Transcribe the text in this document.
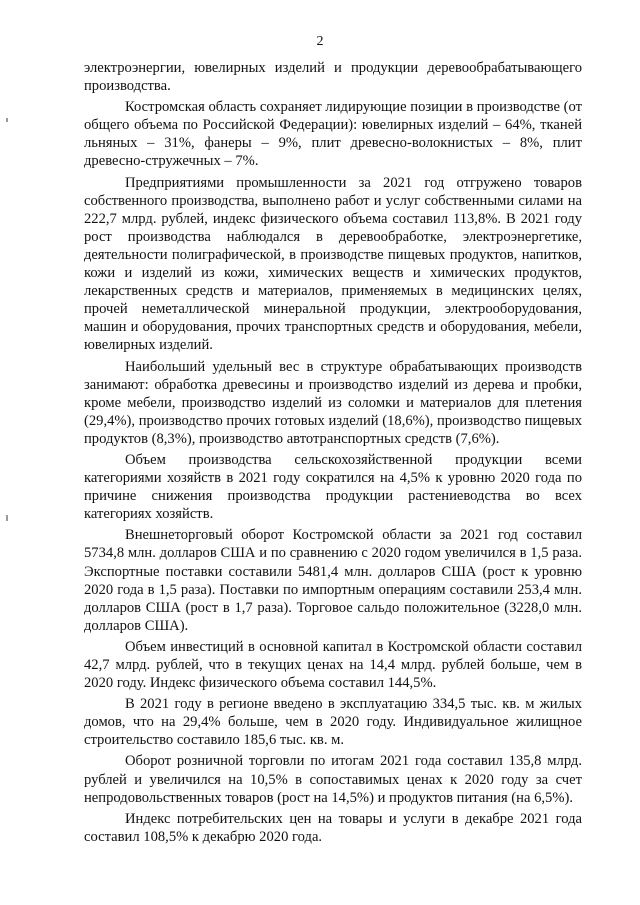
2

электроэнергии, ювелирных изделий и продукции деревообрабатывающего производства.

Костромская область сохраняет лидирующие позиции в производстве (от общего объема по Российской Федерации): ювелирных изделий – 64%, тканей льняных – 31%, фанеры – 9%, плит древесно-волокнистых – 8%, плит древесно-стружечных – 7%.

Предприятиями промышленности за 2021 год отгружено товаров собственного производства, выполнено работ и услуг собственными силами на 222,7 млрд. рублей, индекс физического объема составил 113,8%. В 2021 году рост производства наблюдался в деревообработке, электроэнергетике, деятельности полиграфической, в производстве пищевых продуктов, напитков, кожи и изделий из кожи, химических веществ и химических продуктов, лекарственных средств и материалов, применяемых в медицинских целях, прочей неметаллической минеральной продукции, электрооборудования, машин и оборудования, прочих транспортных средств и оборудования, мебели, ювелирных изделий.

Наибольший удельный вес в структуре обрабатывающих производств занимают: обработка древесины и производство изделий из дерева и пробки, кроме мебели, производство изделий из соломки и материалов для плетения (29,4%), производство прочих готовых изделий (18,6%), производство пищевых продуктов (8,3%), производство автотранспортных средств (7,6%).

Объем производства сельскохозяйственной продукции всеми категориями хозяйств в 2021 году сократился на 4,5% к уровню 2020 года по причине снижения производства продукции растениеводства во всех категориях хозяйств.

Внешнеторговый оборот Костромской области за 2021 год составил 5734,8 млн. долларов США и по сравнению с 2020 годом увеличился в 1,5 раза. Экспортные поставки составили 5481,4 млн. долларов США (рост к уровню 2020 года в 1,5 раза). Поставки по импортным операциям составили 253,4 млн. долларов США (рост в 1,7 раза). Торговое сальдо положительное (3228,0 млн. долларов США).

Объем инвестиций в основной капитал в Костромской области составил 42,7 млрд. рублей, что в текущих ценах на 14,4 млрд. рублей больше, чем в 2020 году. Индекс физического объема составил 144,5%.

В 2021 году в регионе введено в эксплуатацию 334,5 тыс. кв. м жилых домов, что на 29,4% больше, чем в 2020 году. Индивидуальное жилищное строительство составило 185,6 тыс. кв. м.

Оборот розничной торговли по итогам 2021 года составил 135,8 млрд. рублей и увеличился на 10,5% в сопоставимых ценах к 2020 году за счет непродовольственных товаров (рост на 14,5%) и продуктов питания (на 6,5%).

Индекс потребительских цен на товары и услуги в декабре 2021 года составил 108,5% к декабрю 2020 года.
